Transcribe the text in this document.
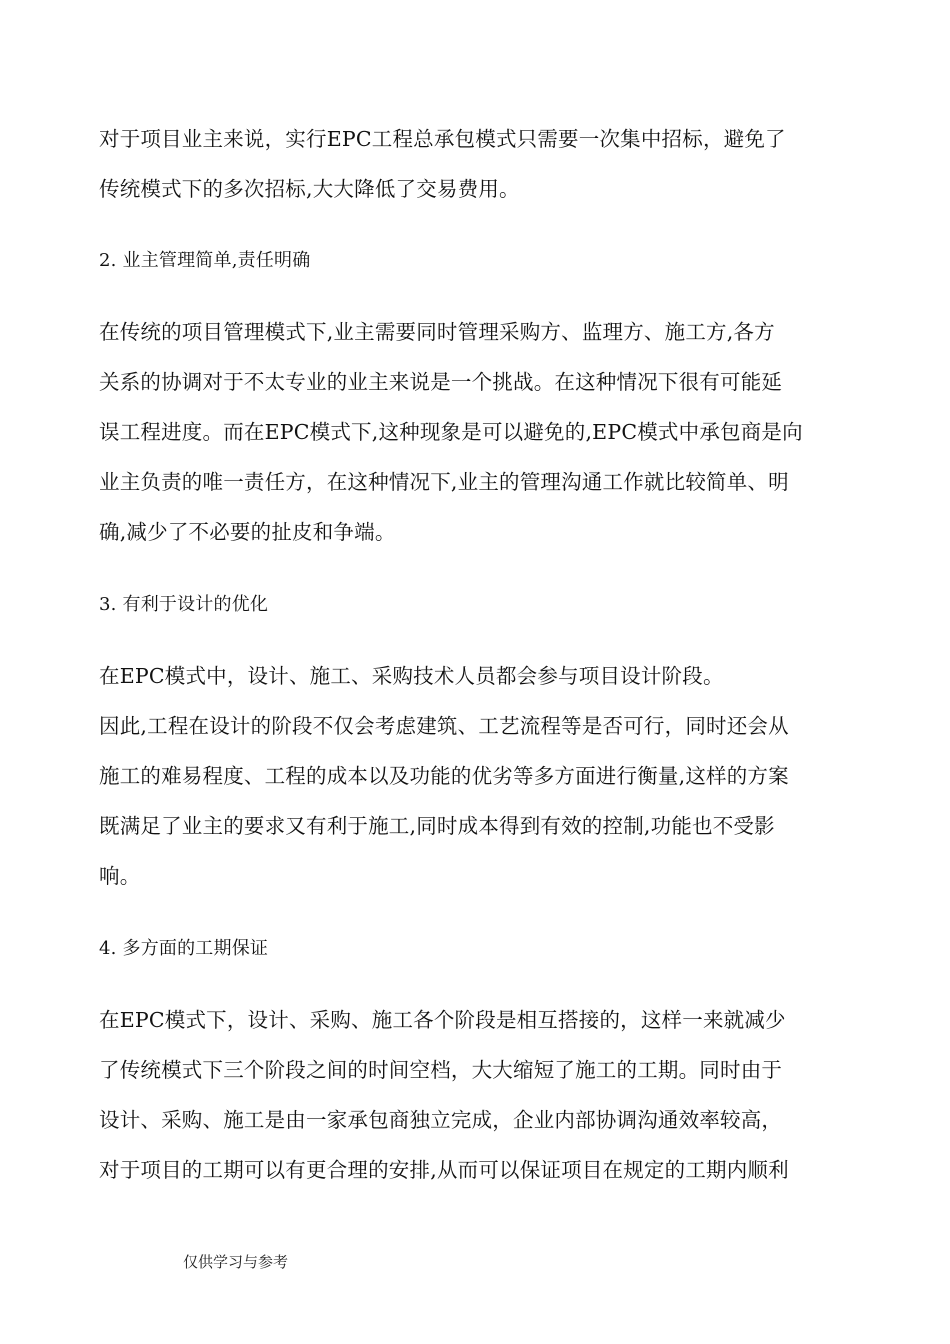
对于项目业主来说，实行EPC工程总承包模式只需要一次集中招标，避免了
传统模式下的多次招标,大大降低了交易费用。
2. 业主管理简单,责任明确
在传统的项目管理模式下,业主需要同时管理采购方、监理方、施工方,各方
关系的协调对于不太专业的业主来说是一个挑战。在这种情况下很有可能延
误工程进度。而在EPC模式下,这种现象是可以避免的,EPC模式中承包商是向
业主负责的唯一责任方，在这种情况下,业主的管理沟通工作就比较简单、明
确,减少了不必要的扯皮和争端。
3. 有利于设计的优化
在EPC模式中，设计、施工、采购技术人员都会参与项目设计阶段。
因此,工程在设计的阶段不仅会考虑建筑、工艺流程等是否可行，同时还会从
施工的难易程度、工程的成本以及功能的优劣等多方面进行衡量,这样的方案
既满足了业主的要求又有利于施工,同时成本得到有效的控制,功能也不受影
响。
4. 多方面的工期保证
在EPC模式下，设计、采购、施工各个阶段是相互搭接的，这样一来就减少
了传统模式下三个阶段之间的时间空档，大大缩短了施工的工期。同时由于
设计、采购、施工是由一家承包商独立完成，企业内部协调沟通效率较高，
对于项目的工期可以有更合理的安排,从而可以保证项目在规定的工期内顺利
仅供学习与参考
